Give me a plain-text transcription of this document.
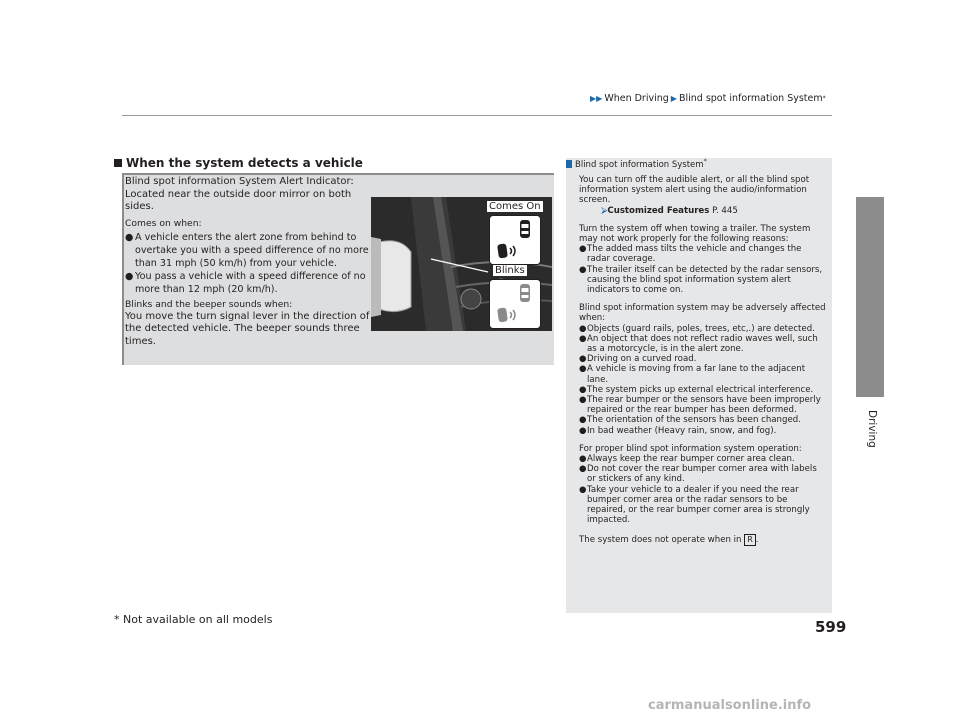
▶▶ When Driving ▶ Blind spot information System *
Driving
When the system detects a vehicle

Blind spot information System Alert Indicator: Located near the outside door mirror on both sides.

Comes on when:

● A vehicle enters the alert zone from behind to overtake you with a speed difference of no more than 31 mph (50 km/h) from your vehicle.
● You pass a vehicle with a speed difference of no more than 12 mph (20 km/h).

Blinks and the beeper sounds when:

You move the turn signal lever in the direction of the detected vehicle. The beeper sounds three times.

Comes On
Blinks
Blind spot information System*

You can turn off the audible alert, or all the blind spot information system alert using the audio/information screen.
⮚Customized Features P. 445

Turn the system off when towing a trailer. The system may not work properly for the following reasons:

●The added mass tilts the vehicle and changes the radar coverage.
●The trailer itself can be detected by the radar sensors, causing the blind spot information system alert indicators to come on.

Blind spot information system may be adversely affected when:

●Objects (guard rails, poles, trees, etc,.) are detected.
●An object that does not reflect radio waves well, such as a motorcycle, is in the alert zone.
●Driving on a curved road.
●A vehicle is moving from a far lane to the adjacent lane.
●The system picks up external electrical interference.
●The rear bumper or the sensors have been improperly repaired or the rear bumper has been deformed.
●The orientation of the sensors has been changed.
●In bad weather (Heavy rain, snow, and fog).

For proper blind spot information system operation:

●Always keep the rear bumper corner area clean.
●Do not cover the rear bumper corner area with labels or stickers of any kind.
●Take your vehicle to a dealer if you need the rear bumper corner area or the radar sensors to be repaired, or the rear bumper corner area is strongly impacted.

The system does not operate when in R .

* Not available on all models	599
carmanualsonline.info
